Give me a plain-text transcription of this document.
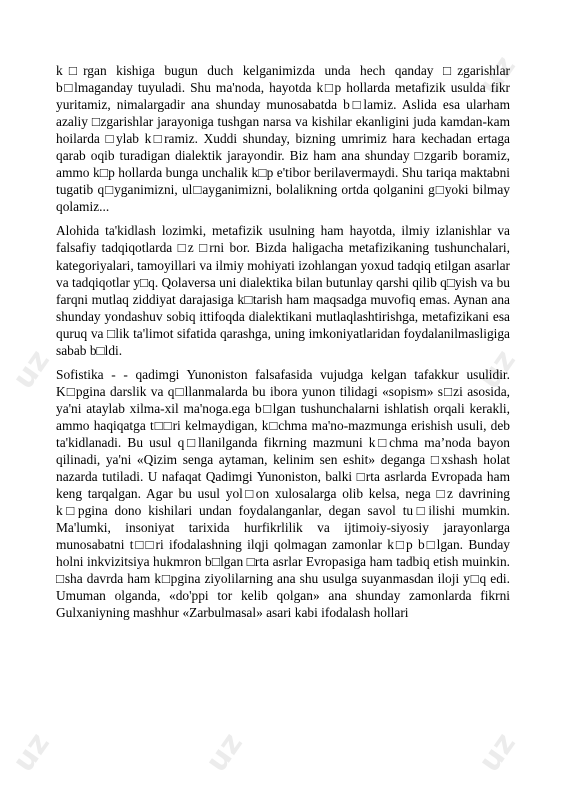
uz
uz	uz
uz	uz	uz

k□rgan kishiga bugun duch kelganimizda unda hech qanday □zgarishlar b□lmaganday tuyuladi. Shu ma'noda, hayotda k□p hollarda metafizik usulda fikr yuritamiz, nimalargadir ana shunday munosabatda b□lamiz. Aslida esa ularham azaliy □zgarishlar jarayoniga tushgan narsa va kishilar ekanligini juda kamdan-kam hoilarda □ylab k□ramiz. Xuddi shunday, bizning umrimiz hara kechadan ertaga qarab oqib turadigan dialektik jarayondir. Biz ham ana shunday □zgarib boramiz, ammo k□p hollarda bunga unchalik k□p e'tibor berilavermaydi. Shu tariqa maktabni tugatib q□yganimizni, ul□ayganimizni, bolalikning ortda qolganini g□yoki bilmay qolamiz...

Alohida ta'kidlash lozimki, metafizik usulning ham hayotda, ilmiy izlanishlar va falsafiy tadqiqotlarda □z □rni bor. Bizda haligacha metafizikaning tushunchalari, kategoriyalari, tamoyillari va ilmiy mohiyati izohlangan yoxud tadqiq etilgan asarlar va tadqiqotlar y□q. Qolaversa uni dialektika bilan butunlay qarshi qilib q□yish va bu farqni mutlaq ziddiyat darajasiga k□tarish ham maqsadga muvofiq emas. Aynan ana shunday yondashuv sobiq ittifoqda dialektikani mutlaqlashtirishga, metafizikani esa quruq va □lik ta'limot sifatida qarashga, uning imkoniyatlaridan foydalanilmasligiga sabab b□ldi.

Sofistika - - qadimgi Yunoniston falsafasida vujudga kelgan tafakkur usulidir. K□pgina darslik va q□llanmalarda bu ibora yunon tilidagi «sopism» s□zi asosida, ya'ni ataylab xilma-xil ma'noga.ega b□lgan tushunchalarni ishlatish orqali kerakli, ammo haqiqatga t□□ri kelmaydigan, k□chma ma'no-mazmunga erishish usuli, deb ta'kidlanadi. Bu usul q□llanilganda fikrning mazmuni k□chma maʼnoda bayon qilinadi, ya'ni «Qizim senga aytaman, kelinim sen eshit» deganga □xshash holat nazarda tutiladi. U nafaqat Qadimgi Yunoniston, balki □rta asrlarda Evropada ham keng tarqalgan. Agar bu usul yol□on xulosalarga olib kelsa, nega □z davrining k□pgina dono kishilari undan foydalanganlar, degan savol tu□ilishi mumkin. Ma'lumki, insoniyat tarixida hurfikrlilik va ijtimoiy-siyosiy jarayonlarga munosabatni t□□ri ifodalashning ilqji qolmagan zamonlar k□p b□lgan. Bunday holni inkvizitsiya hukmron b□lgan □rta asrlar Evropasiga ham tadbiq etish muinkin. □sha davrda ham k□pgina ziyolilarning ana shu usulga suyanmasdan iloji y□q edi. Umuman olganda, «do'ppi tor kelib qolgan» ana shunday zamonlarda fikrni Gulxaniyning mashhur «Zarbulmasal» asari kabi ifodalash hollari
